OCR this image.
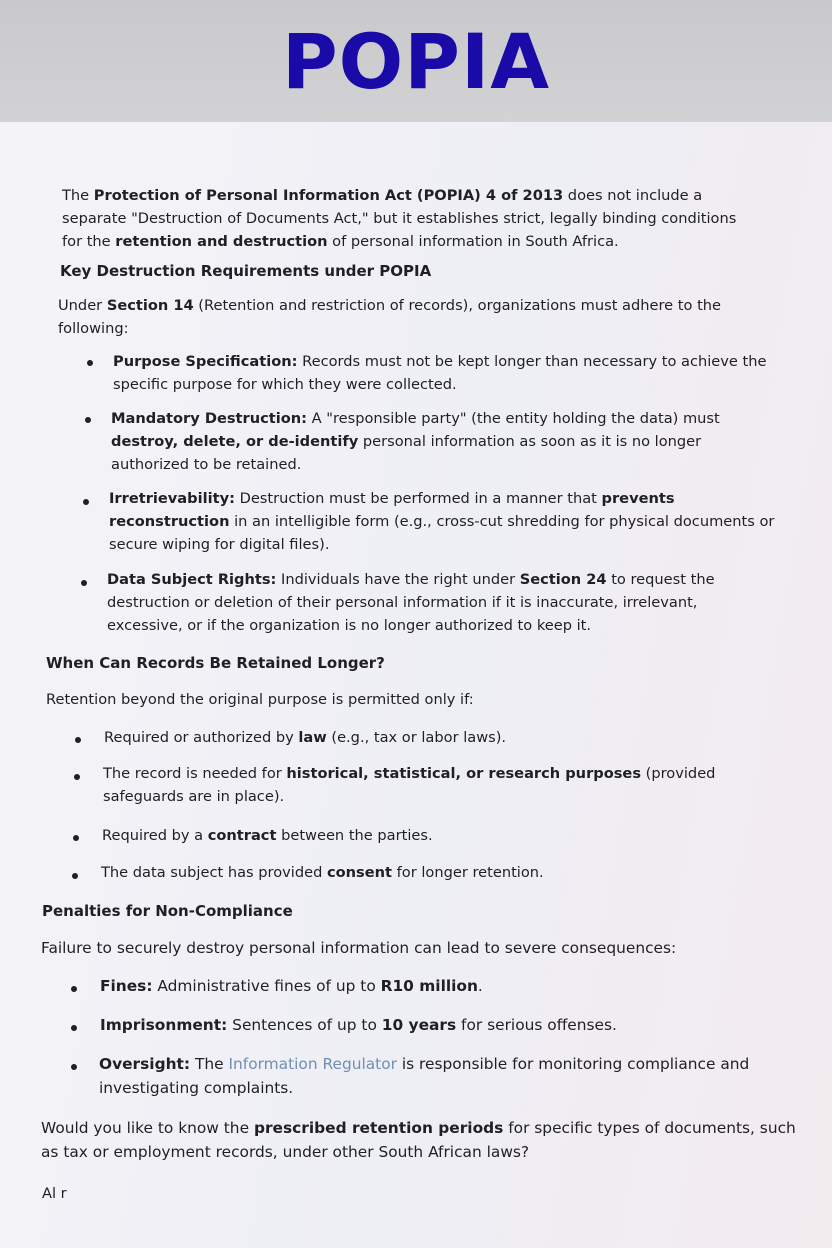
POPIA

The Protection of Personal Information Act (POPIA) 4 of 2013 does not include a separate "Destruction of Documents Act," but it establishes strict, legally binding conditions for the retention and destruction of personal information in South Africa.

Key Destruction Requirements under POPIA

Under Section 14 (Retention and restriction of records), organizations must adhere to the following:

Purpose Specification: Records must not be kept longer than necessary to achieve the specific purpose for which they were collected.

Mandatory Destruction: A "responsible party" (the entity holding the data) must destroy, delete, or de-identify personal information as soon as it is no longer authorized to be retained.

Irretrievability: Destruction must be performed in a manner that prevents reconstruction in an intelligible form (e.g., cross-cut shredding for physical documents or secure wiping for digital files).

Data Subject Rights: Individuals have the right under Section 24 to request the destruction or deletion of their personal information if it is inaccurate, irrelevant, excessive, or if the organization is no longer authorized to keep it.

When Can Records Be Retained Longer?

Retention beyond the original purpose is permitted only if:

Required or authorized by law (e.g., tax or labor laws).

The record is needed for historical, statistical, or research purposes (provided safeguards are in place).

Required by a contract between the parties.

The data subject has provided consent for longer retention.

Penalties for Non-Compliance

Failure to securely destroy personal information can lead to severe consequences:

Fines: Administrative fines of up to R10 million.

Imprisonment: Sentences of up to 10 years for serious offenses.

Oversight: The Information Regulator is responsible for monitoring compliance and investigating complaints.

Would you like to know the prescribed retention periods for specific types of documents, such as tax or employment records, under other South African laws?

Al r
